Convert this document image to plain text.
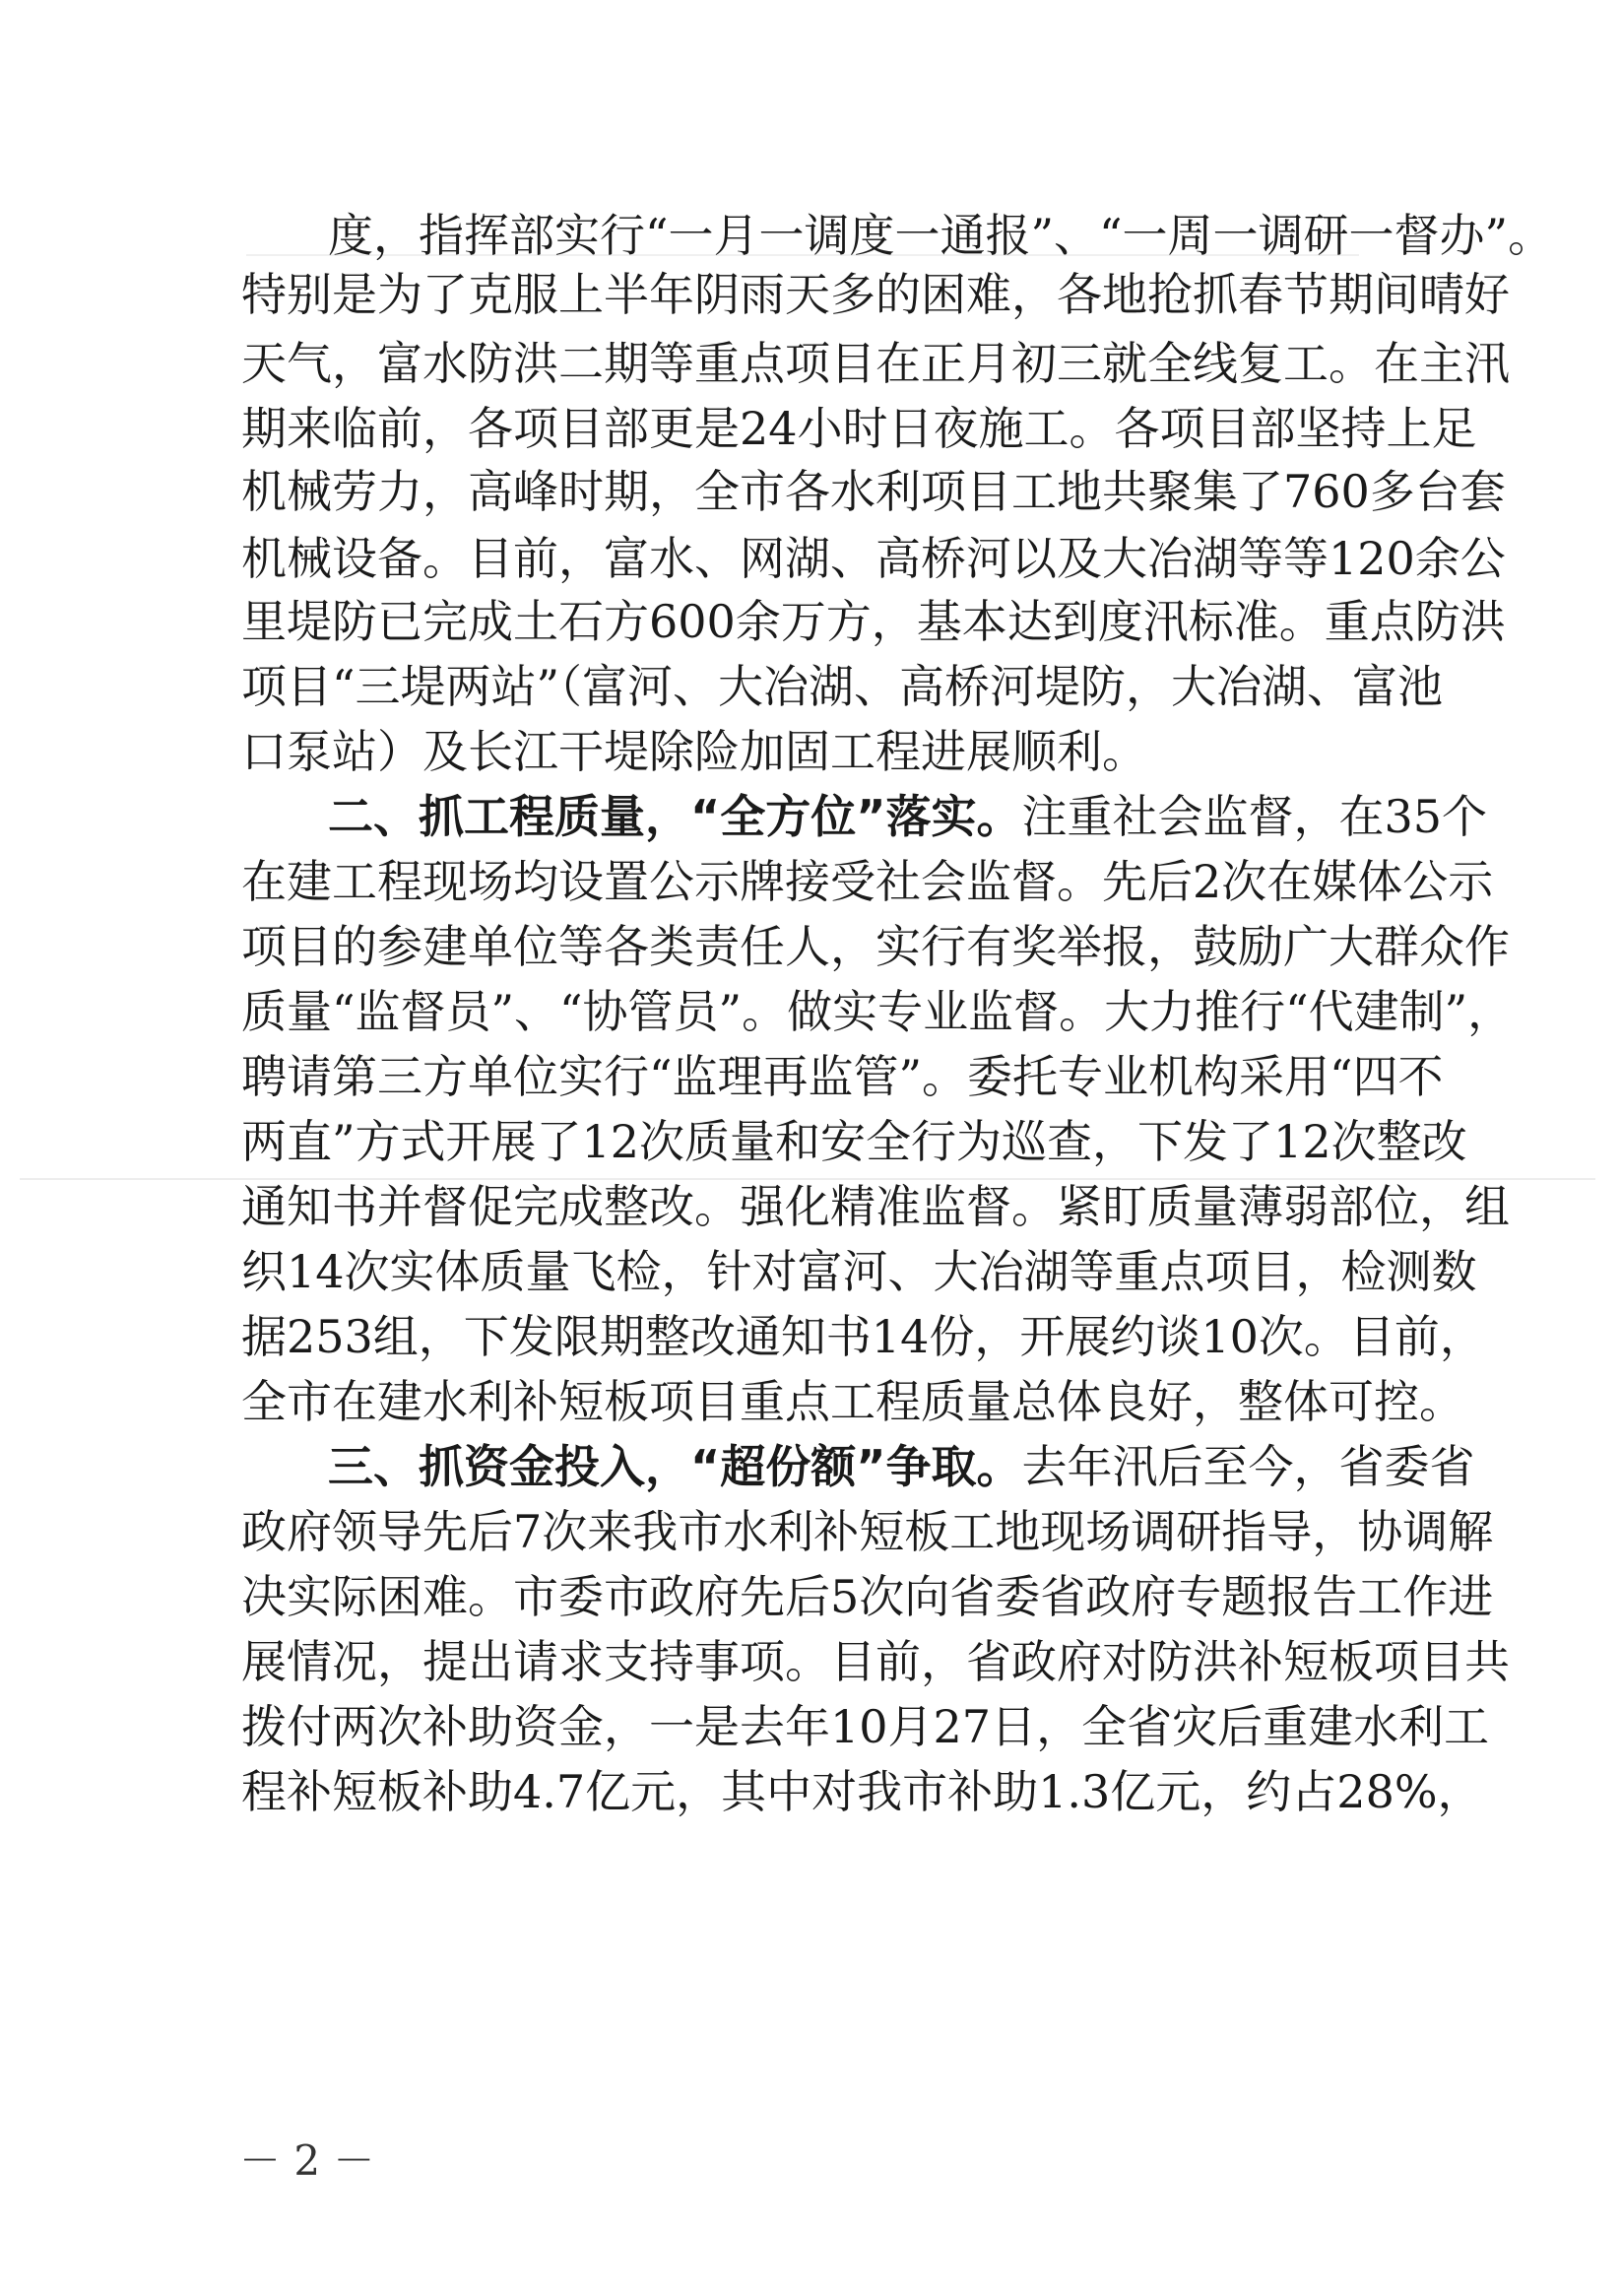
度，指挥部实行“一月一调度一通报”、“一周一调研一督办”。
特别是为了克服上半年阴雨天多的困难，各地抢抓春节期间晴好
天气，富水防洪二期等重点项目在正月初三就全线复工。在主汛
期来临前，各项目部更是24小时日夜施工。各项目部坚持上足
机械劳力，高峰时期，全市各水利项目工地共聚集了760多台套
机械设备。目前，富水、网湖、高桥河以及大冶湖等等120余公
里堤防已完成土石方600余万方，基本达到度汛标准。重点防洪
项目“三堤两站”（富河、大冶湖、高桥河堤防，大冶湖、富池
口泵站）及长江干堤除险加固工程进展顺利。
二、抓工程质量，“全方位”落实。注重社会监督，在35个
在建工程现场均设置公示牌接受社会监督。先后2次在媒体公示
项目的参建单位等各类责任人，实行有奖举报，鼓励广大群众作
质量“监督员”、“协管员”。做实专业监督。大力推行“代建制”，
聘请第三方单位实行“监理再监管”。委托专业机构采用“四不
两直”方式开展了12次质量和安全行为巡查，下发了12次整改
通知书并督促完成整改。强化精准监督。紧盯质量薄弱部位，组
织14次实体质量飞检，针对富河、大冶湖等重点项目，检测数
据253组，下发限期整改通知书14份，开展约谈10次。目前，
全市在建水利补短板项目重点工程质量总体良好，整体可控。
三、抓资金投入，“超份额”争取。去年汛后至今，省委省
政府领导先后7次来我市水利补短板工地现场调研指导，协调解
决实际困难。市委市政府先后5次向省委省政府专题报告工作进
展情况，提出请求支持事项。目前，省政府对防洪补短板项目共
拨付两次补助资金，一是去年10月27日，全省灾后重建水利工
程补短板补助4.7亿元，其中对我市补助1.3亿元，约占28%，
－ 2 －
